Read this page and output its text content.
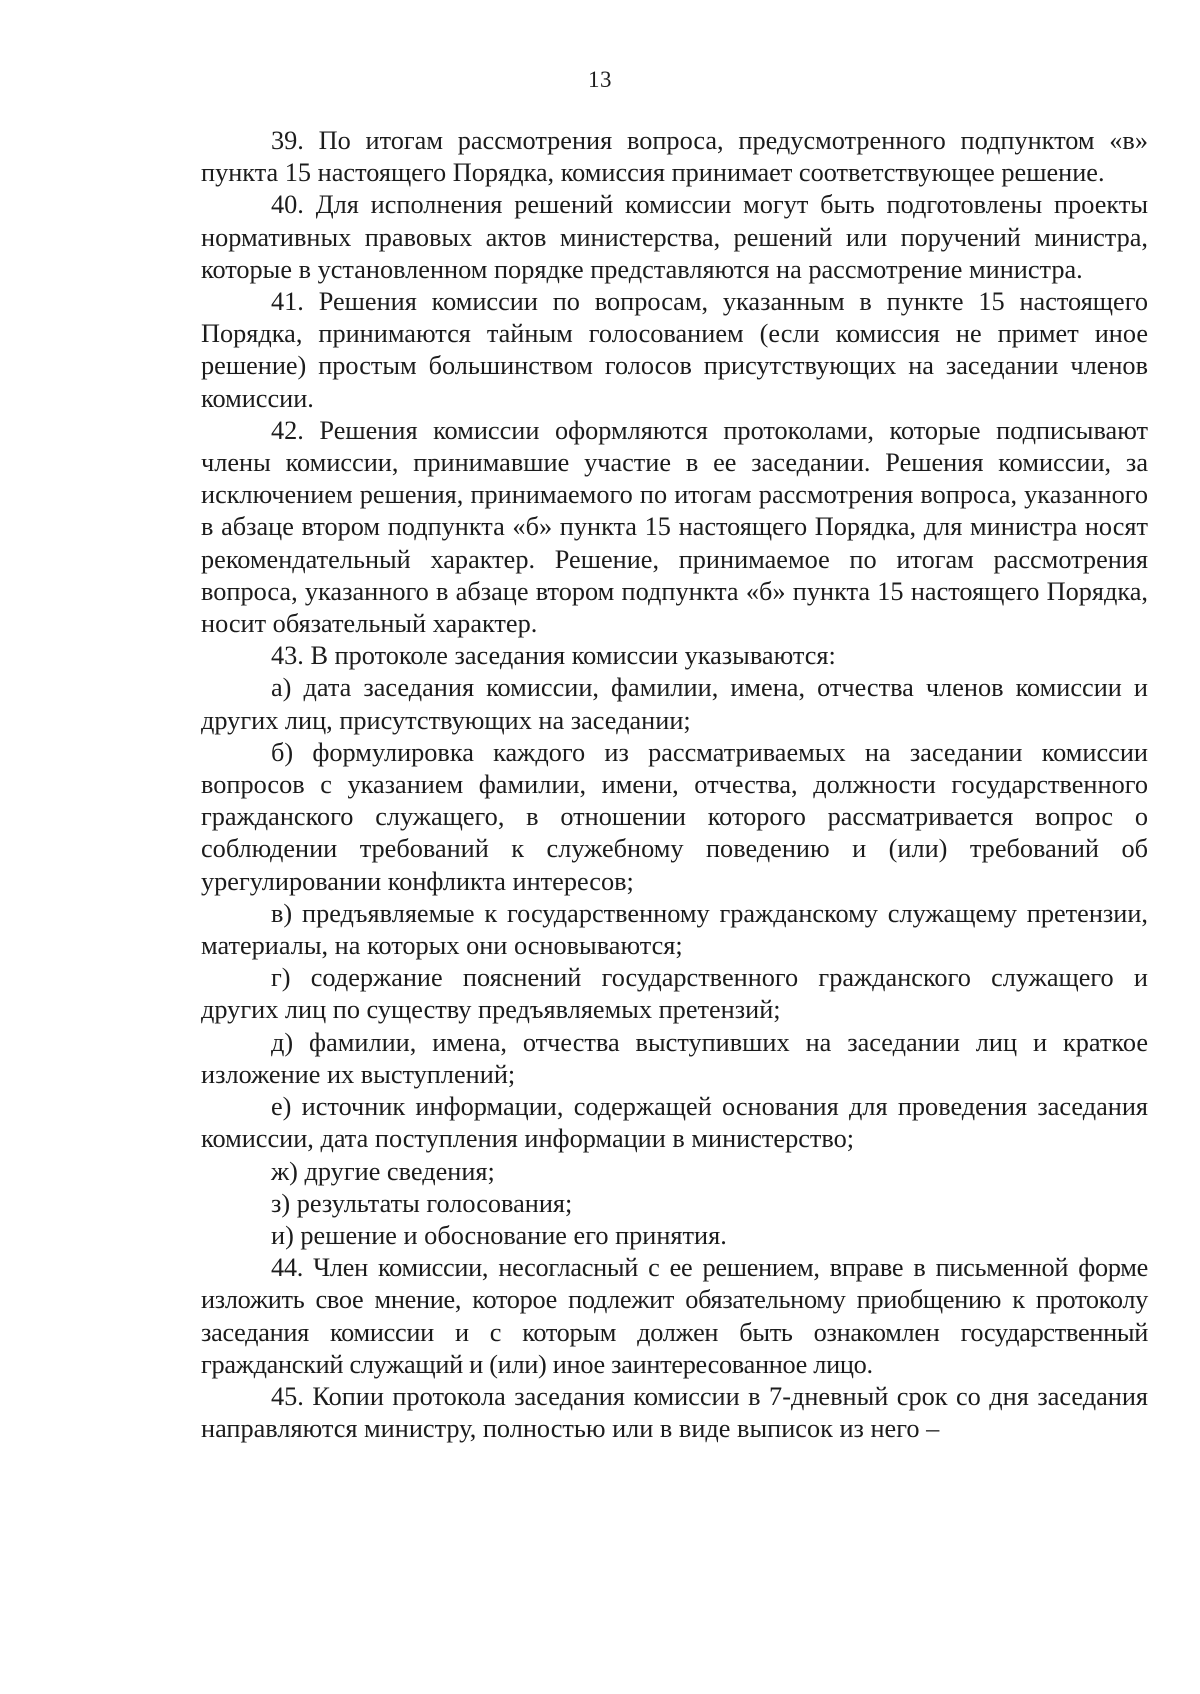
13

39. По итогам рассмотрения вопроса, предусмотренного подпунктом «в» пункта 15 настоящего Порядка, комиссия принимает соответствующее решение.

40. Для исполнения решений комиссии могут быть подготовлены проекты нормативных правовых актов министерства, решений или поручений министра, которые в установленном порядке представляются на рассмотрение министра.

41. Решения комиссии по вопросам, указанным в пункте 15 настоящего Порядка, принимаются тайным голосованием (если комиссия не примет иное решение) простым большинством голосов присутствующих на заседании членов комиссии.

42. Решения комиссии оформляются протоколами, которые подписывают члены комиссии, принимавшие участие в ее заседании. Решения комиссии, за исключением решения, принимаемого по итогам рассмотрения вопроса, указанного в абзаце втором подпункта «б» пункта 15 настоящего Порядка, для министра носят рекомендательный характер. Решение, принимаемое по итогам рассмотрения вопроса, указанного в абзаце втором подпункта «б» пункта 15 настоящего Порядка, носит обязательный характер.

43. В протоколе заседания комиссии указываются:

а) дата заседания комиссии, фамилии, имена, отчества членов комиссии и других лиц, присутствующих на заседании;

б) формулировка каждого из рассматриваемых на заседании комиссии вопросов с указанием фамилии, имени, отчества, должности государственного гражданского служащего, в отношении которого рассматривается вопрос о соблюдении требований к служебному поведению и (или) требований об урегулировании конфликта интересов;

в) предъявляемые к государственному гражданскому служащему претензии, материалы, на которых они основываются;

г) содержание пояснений государственного гражданского служащего и других лиц по существу предъявляемых претензий;

д) фамилии, имена, отчества выступивших на заседании лиц и краткое изложение их выступлений;

е) источник информации, содержащей основания для проведения заседания комиссии, дата поступления информации в министерство;

ж) другие сведения;

з) результаты голосования;

и) решение и обоснование его принятия.

44. Член комиссии, несогласный с ее решением, вправе в письменной форме изложить свое мнение, которое подлежит обязательному приобщению к протоколу заседания комиссии и с которым должен быть ознакомлен государственный гражданский служащий и (или) иное заинтересованное лицо.

45. Копии протокола заседания комиссии в 7-дневный срок со дня заседания направляются министру, полностью или в виде выписок из него –
